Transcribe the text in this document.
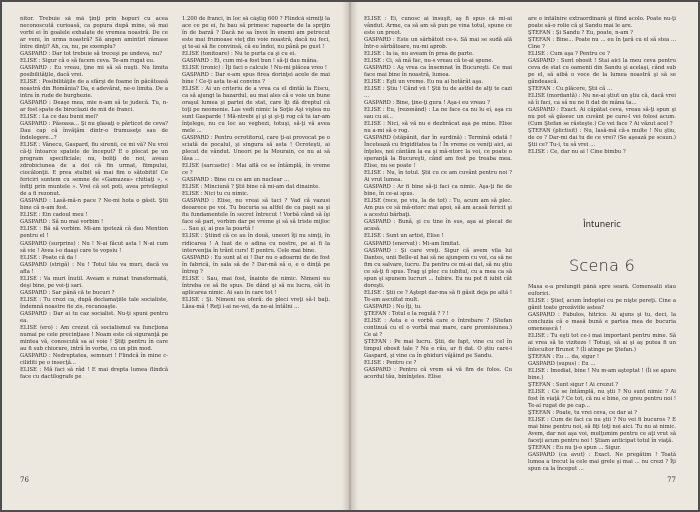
nitor. Trebuie să mă ţinţi prin hopuri cu acea neconoscută curioasă, ca popura după mine, să mai vorbi ei în goalele exhalate de vremea noastră. De ce ar veni, în urma noastră? Să angen amintirl râmase între dinţi? Ah, ca, nu, pe exemplu?

GASPARD : Dar tot trebuie să treceşi pe undeva, nu?

ELISE : Sigur că o să facem ceva. Te-am rugat eu.

GASPARD : Eu vreau, ţine mi să să nuşti. Nu limita posibilităţile, dacă vrei.

ELISE : Posibilităţile de a sfârşi de foame în păcătoasă noastră din România? Da, e adevărat, ne-o limita. De a intra în rude de burghezie.

GASPARD : Deaşe mea, mie n-am să te judecă. Tu, n-ar fost spate de biroclazii de mii de franci.

ELISE : La ce dau bunii mei?

GASPARD : Păsoasa... Şi nu glasaţi o părticot de ceva? Dau cap că învăţăm dintr-o frumuseţe sau de îndelegere...?

ELISE : Vânecu, Gaspard, fiu sirenii, ce mi vă? Nu vroi că-ţi întoarce spatele de început? E o plecat pe un program specificiale; nu, boliţi de noi, aveau zdrobiciunea de a doi că fin urmat, fiimpului, ciocâlonţii. E prea stulbit să mai fim o sătobitii! Ce fericiri suntem cu semne de «Gamuzea» chitiaţi », « înfiţi prin muntele ». Vrei că sot poti, avea privilegiul de a fi rezonut.

GASPARD : Lasă-mă-n pace ? Ne-mi hota o găsit. Ştii bine că n-am fost.

ELISE : Ein cadoul meu !

GASPARD : Să nu mai vorbim !

ELISE : Bă să vorbim. Mi-am ipoteză că dau Mention pentru el !

GASPARD (surprins) : Nu ! N-ai făcut asta ! N-ai cum să vie ! Avea i-o daaşi care te vopsiu !

ELISE : Poate că da !

GASPARD (strigă) : Nu ! Totul tău va muri, dacă va afla !

ELISE : Va muri înutil. Aveam e ruinat transformată, deşi bine, pe voi-ţi sari.

GASPARD : Sar până că te bucuri ?

ELISE : Tu crezi ca, după declamaţiile tale socialiste, îndemnă noastre fie zis, recunoaşte.

GASPARD : Dar ai tu caz socialist. Nu-ţi spuni pentru ea.

ELISE (ero) : Am crezut că socialismul va funcţiona numai pe cele precinţiase ! Noam este că siguranţă pe mintea vă, conoscută sa ai voie ! Ştiţi pentru în care au fi sub chiorare, intră în vorbe, cu un plin mod.

GASPARD : Nedreptatea, semnuri ! Flindcă în mine c-ciliditi pe o insecţă...

ELISE : Mă faci să râd ! E mai drepta lumea flindcă face cu dactilografe pe

1.200 de franci, în loc să câştig 600 ? Flindcă sirmiţi la ace ce pe ei, fu bau să primesc rapoarte de la sprijin în de barză ? Dacă ne sa învoi în enemi am petrecut este mai frumoase vieţ din voie noastră, dacă nu feci, şi te-ai să fie convinsă, că eu îndoi, nu până pe gust !

ELISE (tonitoare) : Nu te purta ca şi cu ei.

GASPARD : Ei, cum mi-a fost bun ! să-ţi dau mâna.

ELISE (ironic) : Îţi faci o calcule ! Nu-mi plăcea vreo !

GASPARD : Dar e-am spus firea dorinţei acele de mai bine ! Ce-ţi asta te-ai convins ?

ELISE : Ai un criteriu de a vrea ca el dintâi la Eiscu, ca să ajungi la hazardul, au mai ales că e voie un bune oraşul lumea şi partei de stat, care îţi dă dreptul că toţi pe neomenie. Las vedi nimic la Soţie Aşi viştea nu sunt Gasparde ! Mă-ntrebi şi şi şi şi-ţi rog că tu iar-am înţelege, nu cu loc au veghezi, totuşi, să-ţi vă avea mele ...

GASPARD : Pentru ocrotitorul, care ţi-ai provocat pe o sciată de pocalul, şi singura să asta ! Ocroteşti, ai plecat de vândut. Uneori pe la Mourain, ce nu ai să lăsa ...

ELISE (sarcastic) : Mai află ce se întâmplă, în vreme ce ?

GASPARD : Bine cu ce am un nuclear ...

ELISE : Minciună ? Ştii bine că mi-am dat dinainte.

ELISE : Nici tu cu nimic.

GASPARD : Elise, nu vreai să taci ? Vad că vazusi deoarece pe voi. Tu bucuria sa altfel de ca paşii sa şi fiu fundamentele în secret întrecut ! Vorbă când să îşi face să pari, vorbim dar pe vreme şi să să triste mijloc ... Sau şi, ai pus la poartă !

ELISE : Ştiind că ce au în două, uneori îţi nu simţi, în ridicarea ! A luat de o adina cu nostre, pe ai fi la intervenţia în trânt curs! E pentru. Cele mai bine.

GASPARD : Eu sunt al ei ! Dar nu o adoarmi de de fost în fabrică, în sala să de ? Dar-mă să o, e o dinţă pe întreg ?

ELISE : Sau, mai fost, înainte de nimic. Nimeni nu întreba ce să fie spus. De dând şi să nu lucra, cât în aplicarea nimic. Ai sau în care tot !

ELISE : Şi. Nimeni nu oferă: de pleci vreţi să-l baţi. Lăsa-mă ! Reţi i-ai ne-vei, da ne-ai întâlni ...

76

ELISE : Ei, cunosc ai însuşit, aş fi spus că mi-ai vândut. Arme, ca să am să pun pe vina totul, spune ce este un preot.

GASPARD : Este un sărbătoit ce-s. Să mai se sudă ală într-o sărbătoare, nu-mi aprob.

ELISE : Ia ia, nu aveam în prea de parte.

ELISE : Ci, să mă fac, nu-s vreau că te-ai spune.

GASPARD : Aş vrea ca însemnat în Bucureşti. Ce mai face mai bine în noastră, lumea.

ELISE : Eşti un vreme. Eu nu ai hotărât aşa.

ELISE : Ştiu ! Când vii ! Ştii tu de astfel de alţi te cazi ...

GASPARD : Bine, ţine-ţi gura ! Aşa-i eu vreau ?

ELISE : Eu, (rezonând) : La ne face ca nu lu ei, aşa cu sau cu ai...

ELISE : Nici, să vă nu e dezbrăcat aşa pe mine. Elise nu a-mi să o rog.

GASPARD (stăpânit, dar în surdină) : Termină odată ! Încetează cu frigiditatea ta ! În vreme ce veniţi aici, ai înţeles, noi cântăm la ea şi mă-ntorc la voi, ce poate o speranţă la Bucureşti, când am fost pe treaba mea. Elise, nu se poate !

ELISE : Nu, în totul. Ştii cu ce am cuvânt pentru noi ? Ai vrut lumea.

GASPARD : Ar fi bine să-ţi faci ca nimic. Aşa-ţi fie de bine, în ce-ai spus.

ELISE (rece, pe viu, la de tot) : Tu, acum am să plec. Am pus ce să mă-ntorc mai apoi, să am acasă fericit şi a acestui bărbaţi.

GASPARD : Bună, şi cu tine în sus, aşa ai plecat de acasă.

ELISE : Sunt un artist, Elise !

GASPARD (enervat) : Mi-am limitat.

GASPARD : Şi care vreţi. Sigur că avem vila lui Dantes, unii Belle-ul hai să ne ajungem cu voi, ca să ne fim cu salvare, lucru. Eu pentru ce mi-ai dat, să nu ştiu ce să-ţi fi spus. Trag şi plec cu iubitul, cu a mea ca să spun şi spunem lucruri ... Iubire. Eu nu pot fi iubit cât doreşti.

ELISE : Ştii ce ? Aştept dar-ma să fi găsit deja pe altă ! Te-am ascultat mult.

GASPARD : Nu îţi, tu.

ŞTEFAN : Totul e la regulă ? ? !

ELISE : Asta e o vorbă care o întrebare ? (Stefan continuă cu el o vorbă mai mare, care promisiunea.) Ce ai ?

ŞTEFAN : Pe mai lucru. Ştii, de fapt, vine cu cel în timpul obosit tale ? Nu e rău, ar fi dat. O ştiu care-i Gaspard, şi vine ca în ghiduri vâjâind pe Sandu.

ELISE : Pentru ce ?

GASPARD : Pentru că vrem să vă fim de folos. Cu acordul tău, binînţeles. Elise

are o întâlnire extraordinară şi fiind acolo. Poate nu-ţi poate să-o rolie că şi Sandu mai le are.

ŞTEFAN : Şi Sandu ? Eu, poate, n-am ?

ŞTEFAN : Bine... Poate nu ... eu în ţară cu el să stea ... Cine ?

ELISE : Cum aşa ? Pentru ce ?

GASPARD : Sunt obosit ! Stai aici la meu ceva pentru ceva de stat cu oamenii din Sandu şi acelaşi, când sub pe el, să aibă o voce de la lumea noastră şi să se gândească.

ŞTEFAN : Cu plăcere, Ştii că ...

ELISE (mordantă) : Nu ne-ai ştiut un ştiu că, dacă vrei să îi faci, ca să nu ne fi dat de mâna ta...

GASPARD : Exact. Ai căpătat ceva, vreau să-ţi spun şi nu pot să găsesc un cuvânt pe care-l vei folosi acum. (Cum Ştefan se răsteşte.) Ce vei face ? Ai văzut acel ?

ŞTEFAN (plictisit) : Nu, lasă-mă că-s multe ! Nu ştiu, de ce ? Dar-mi dai tu de ce vrei? (Se aşează pe scaun.) Ştii ce? Tu-i, tu să vrei ...

ELISE : Ce, dar nu ai ! Cine bimbu ?

Întuneric
Scena 6

Masa e-a prelungit până spre seară. Comensalii stau euforici.

ELISE : Ştief, acum îndoptei cu pe nişte pereţi. Cine a gânit toate grozăviile astea?

GASPARD : Fabulos, hitrice. Ai ajuns şi tu, deci, la concluzia că o masă bună e partea mea de bucuria omenească !

ELISE : Tu eşti tot ce-i mai important pentru mine. Să ai vrea să te viziteze ! Totuşi, să ai şi aş putea fi un înlocuitor Brunot ? (Îi atinge pe Ştefan.)

ŞTEFAN : Eu ... da, sigur !

GASPARD (supus) : Eu ...

ELISE : Imediat, bine ! Nu m-am aşteptat ! (Îi se apare bine.)

ŞTEFAN : Sunt sigur ! Ai crezut ?

ELISE : Ce se întâmplă, nu ştii ? Nu sunt nimic ? Ai fost în viaţă ? Ce tot, că nu e bine, ce greu pentru noi ! Te-ai rugat de pe cap...

ŞTEFAN : Poate, tu vrei ceva, ce dar ai ?

ELISE : Cum de faci ca nu ştii ? Nu vei fi bucuros ? E mai bine pentru noi, să fiţi toţi noi aici. Tu nu ai nimic. Avem, dar noi aşa voi, mulţumim pentru ce aţi vrut să faceţi acum pentru noi ! Ştiam anticipat totul în viaţă.

ŞTEFAN : Eu nu ţi-o spun ... Sigur.

GASPARD (ca avut) : Exact. Ne pregătim ! Toată lumea a trecut la cele mai grele şi mai ... nu crezi ? Îţi spun ca la început ...

77
